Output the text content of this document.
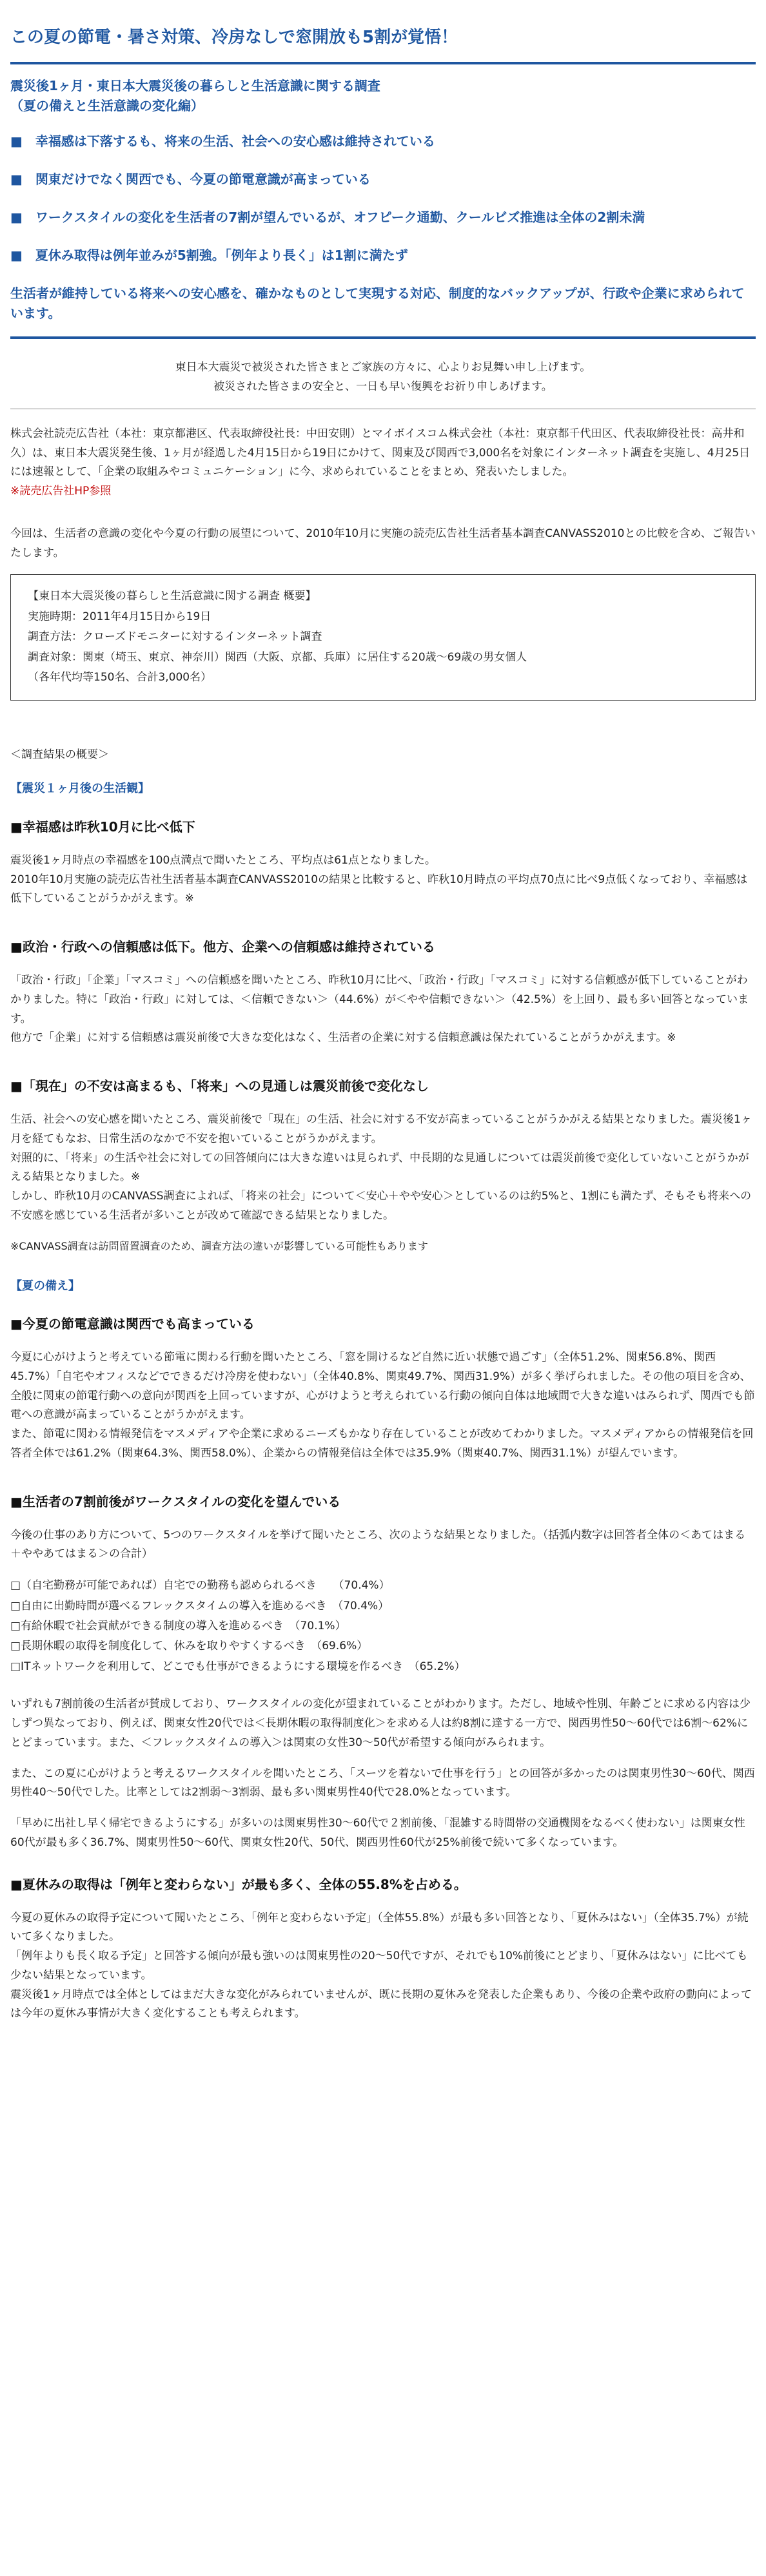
この夏の節電・暑さ対策、冷房なしで窓開放も5割が覚悟！
震災後1ヶ月・東日本大震災後の暮らしと生活意識に関する調査
（夏の備えと生活意識の変化編）
■　幸福感は下落するも、将来の生活、社会への安心感は維持されている
■　関東だけでなく関西でも、今夏の節電意識が高まっている
■　ワークスタイルの変化を生活者の7割が望んでいるが、オフピーク通勤、クールビズ推進は全体の2割未満
■　夏休み取得は例年並みが5割強。「例年より長く」は1割に満たず
生活者が維持している将来への安心感を、確かなものとして実現する対応、制度的なバックアップが、行政や企業に求められています。
東日本大震災で被災された皆さまとご家族の方々に、心よりお見舞い申し上げます。
被災された皆さまの安全と、一日も早い復興をお祈り申しあげます。

株式会社読売広告社（本社：東京都港区、代表取締役社長：中田安則）とマイボイスコム株式会社（本社：東京都千代田区、代表取締役社長：高井和久）は、東日本大震災発生後、1ヶ月が経過した4月15日から19日にかけて、関東及び関西で3,000名を対象にインターネット調査を実施し、4月25日には速報として、「企業の取組みやコミュニケーション」に今、求められていることをまとめ、発表いたしました。

※読売広告社HP参照

今回は、生活者の意識の変化や今夏の行動の展望について、2010年10月に実施の読売広告社生活者基本調査CANVASS2010との比較を含め、ご報告いたします。

【東日本大震災後の暮らしと生活意識に関する調査 概要】
実施時期：2011年4月15日から19日
調査方法：クローズドモニターに対するインターネット調査
調査対象：関東（埼玉、東京、神奈川）関西（大阪、京都、兵庫）に居住する20歳〜69歳の男女個人
（各年代均等150名、合計3,000名）
＜調査結果の概要＞
【震災１ヶ月後の生活観】
■幸福感は昨秋10月に比べ低下

震災後1ヶ月時点の幸福感を100点満点で聞いたところ、平均点は61点となりました。

2010年10月実施の読売広告社生活者基本調査CANVASS2010の結果と比較すると、昨秋10月時点の平均点70点に比べ9点低くなっており、幸福感は低下していることがうかがえます。※

■政治・行政への信頼感は低下。他方、企業への信頼感は維持されている

「政治・行政」「企業」「マスコミ」への信頼感を聞いたところ、昨秋10月に比べ、「政治・行政」「マスコミ」に対する信頼感が低下していることがわかりました。特に「政治・行政」に対しては、＜信頼できない＞（44.6%）が＜やや信頼できない＞（42.5%）を上回り、最も多い回答となっています。

他方で「企業」に対する信頼感は震災前後で大きな変化はなく、生活者の企業に対する信頼意識は保たれていることがうかがえます。※

■「現在」の不安は高まるも、「将来」への見通しは震災前後で変化なし

生活、社会への安心感を聞いたところ、震災前後で「現在」の生活、社会に対する不安が高まっていることがうかがえる結果となりました。震災後1ヶ月を経てもなお、日常生活のなかで不安を抱いていることがうかがえます。

対照的に、「将来」の生活や社会に対しての回答傾向には大きな違いは見られず、中長期的な見通しについては震災前後で変化していないことがうかがえる結果となりました。※

しかし、昨秋10月のCANVASS調査によれば、「将来の社会」について＜安心＋やや安心＞としているのは約5%と、1割にも満たず、そもそも将来への不安感を感じている生活者が多いことが改めて確認できる結果となりました。

※CANVASS調査は訪問留置調査のため、調査方法の違いが影響している可能性もあります

【夏の備え】
■今夏の節電意識は関西でも高まっている

今夏に心がけようと考えている節電に関わる行動を聞いたところ、「窓を開けるなど自然に近い状態で過ごす」（全体51.2%、関東56.8%、関西45.7%）「自宅やオフィスなどでできるだけ冷房を使わない」（全体40.8%、関東49.7%、関西31.9%）が多く挙げられました。その他の項目を含め、全般に関東の節電行動への意向が関西を上回っていますが、心がけようと考えられている行動の傾向自体は地域間で大きな違いはみられず、関西でも節電への意識が高まっていることがうかがえます。

また、節電に関わる情報発信をマスメディアや企業に求めるニーズもかなり存在していることが改めてわかりました。マスメディアからの情報発信を回答者全体では61.2%（関東64.3%、関西58.0%）、企業からの情報発信は全体では35.9%（関東40.7%、関西31.1%）が望んでいます。

■生活者の7割前後がワークスタイルの変化を望んでいる

今後の仕事のあり方について、5つのワークスタイルを挙げて聞いたところ、次のような結果となりました。（括弧内数字は回答者全体の＜あてはまる＋ややあてはまる＞の合計）

□（自宅勤務が可能であれば）自宅での勤務も認められるべき　　（70.4%）
□自由に出勤時間が選べるフレックスタイムの導入を進めるべき　（70.4%）
□有給休暇で社会貢献ができる制度の導入を進めるべき　（70.1%）
□長期休暇の取得を制度化して、休みを取りやすくするべき　（69.6%）
□ITネットワークを利用して、どこでも仕事ができるようにする環境を作るべき　（65.2%）

いずれも7割前後の生活者が賛成しており、ワークスタイルの変化が望まれていることがわかります。ただし、地域や性別、年齢ごとに求める内容は少しずつ異なっており、例えば、関東女性20代では＜長期休暇の取得制度化＞を求める人は約8割に達する一方で、関西男性50〜60代では6割〜62%にとどまっています。また、＜フレックスタイムの導入＞は関東の女性30〜50代が希望する傾向がみられます。

また、この夏に心がけようと考えるワークスタイルを聞いたところ、「スーツを着ないで仕事を行う」との回答が多かったのは関東男性30〜60代、関西男性40〜50代でした。比率としては2割弱〜3割弱、最も多い関東男性40代で28.0%となっています。

「早めに出社し早く帰宅できるようにする」が多いのは関東男性30〜60代で２割前後、「混雑する時間帯の交通機関をなるべく使わない」は関東女性60代が最も多く36.7%、関東男性50〜60代、関東女性20代、50代、関西男性60代が25%前後で続いて多くなっています。

■夏休みの取得は「例年と変わらない」が最も多く、全体の55.8%を占める。

今夏の夏休みの取得予定について聞いたところ、「例年と変わらない予定」（全体55.8%）が最も多い回答となり、「夏休みはない」（全体35.7%）が続いて多くなりました。

「例年よりも長く取る予定」と回答する傾向が最も強いのは関東男性の20〜50代ですが、それでも10%前後にとどまり、「夏休みはない」に比べても少ない結果となっています。

震災後1ヶ月時点では全体としてはまだ大きな変化がみられていませんが、既に長期の夏休みを発表した企業もあり、今後の企業や政府の動向によっては今年の夏休み事情が大きく変化することも考えられます。
